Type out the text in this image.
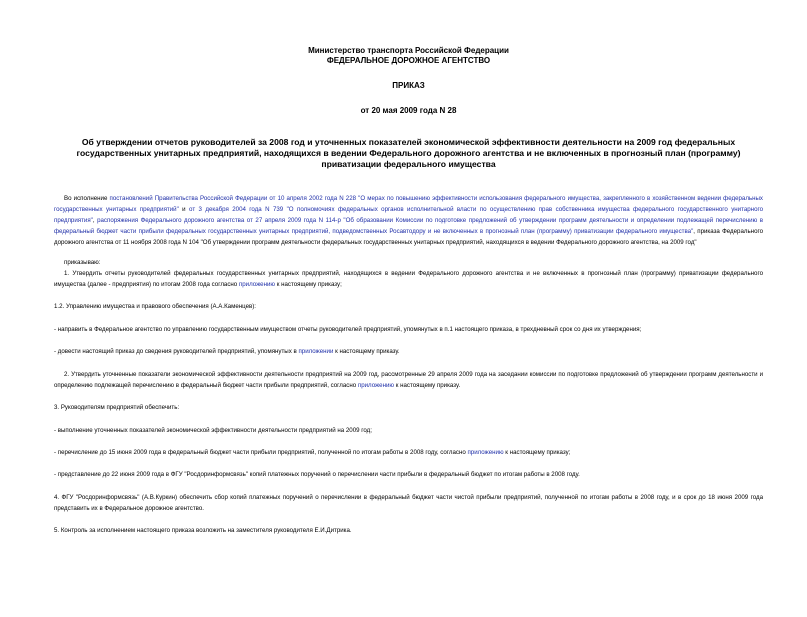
Министерство транспорта Российской Федерации
ФЕДЕРАЛЬНОЕ ДОРОЖНОЕ АГЕНТСТВО
ПРИКАЗ
от 20 мая 2009 года N 28
Об утверждении отчетов руководителей за 2008 год и уточненных показателей экономической эффективности деятельности на 2009 год федеральных государственных унитарных предприятий, находящихся в ведении Федерального дорожного агентства и не включенных в прогнозный план (программу) приватизации федерального имущества

Во исполнение постановлений Правительства Российской Федерации от 10 апреля 2002 года N 228 "О мерах по повышению эффективности использования федерального имущества, закрепленного в хозяйственном ведении федеральных государственных унитарных предприятий" и от 3 декабря 2004 года N 739 "О полномочиях федеральных органов исполнительной власти по осуществлению прав собственника имущества федерального государственного унитарного предприятия", распоряжения Федерального дорожного агентства от 27 апреля 2009 года N 114-р "Об образовании Комиссии по подготовке предложений об утверждении программ деятельности и определении подлежащей перечислению в федеральный бюджет части прибыли федеральных государственных унитарных предприятий, подведомственных Росавтодору и не включенных в прогнозный план (программу) приватизации федерального имущества", приказа Федерального дорожного агентства от 11 ноября 2008 года N 104 "Об утверждении программ деятельности федеральных государственных унитарных предприятий, находящихся в ведении Федерального дорожного агентства, на 2009 год"

приказываю:

1. Утвердить отчеты руководителей федеральных государственных унитарных предприятий, находящихся в ведении Федерального дорожного агентства и не включенных в прогнозный план (программу) приватизации федерального имущества (далее - предприятия) по итогам 2008 года согласно приложению к настоящему приказу;

1.2. Управлению имущества и правового обеспечения (А.А.Каменцев):

- направить в Федеральное агентство по управлению государственным имуществом отчеты руководителей предприятий, упомянутых в п.1 настоящего приказа, в трехдневный срок со дня их утверждения;

- довести настоящий приказ до сведения руководителей предприятий, упомянутых в приложении к настоящему приказу.

2. Утвердить уточненные показатели экономической эффективности деятельности предприятий на 2009 год, рассмотренные 29 апреля 2009 года на заседании комиссии по подготовке предложений об утверждении программ деятельности и определению подлежащей перечислению в федеральный бюджет части прибыли предприятий, согласно приложению к настоящему приказу.

3. Руководителям предприятий обеспечить:

- выполнение уточненных показателей экономической эффективности деятельности предприятий на 2009 год;

- перечисление до 15 июня 2009 года в федеральный бюджет части прибыли предприятий, полученной по итогам работы в 2008 году, согласно приложению к настоящему приказу;

- представление до 22 июня 2009 года в ФГУ "Росдоринформсвязь" копий платежных поручений о перечислении части прибыли в федеральный бюджет по итогам работы в 2008 году.

4. ФГУ "Росдоринформсвязь" (А.В.Куркин) обеспечить сбор копий платежных поручений о перечислении в федеральный бюджет части чистой прибыли предприятий, полученной по итогам работы в 2008 году, и в срок до 18 июня 2009 года представить их в Федеральное дорожное агентство.

5. Контроль за исполнением настоящего приказа возложить на заместителя руководителя Е.И.Дитрика.
